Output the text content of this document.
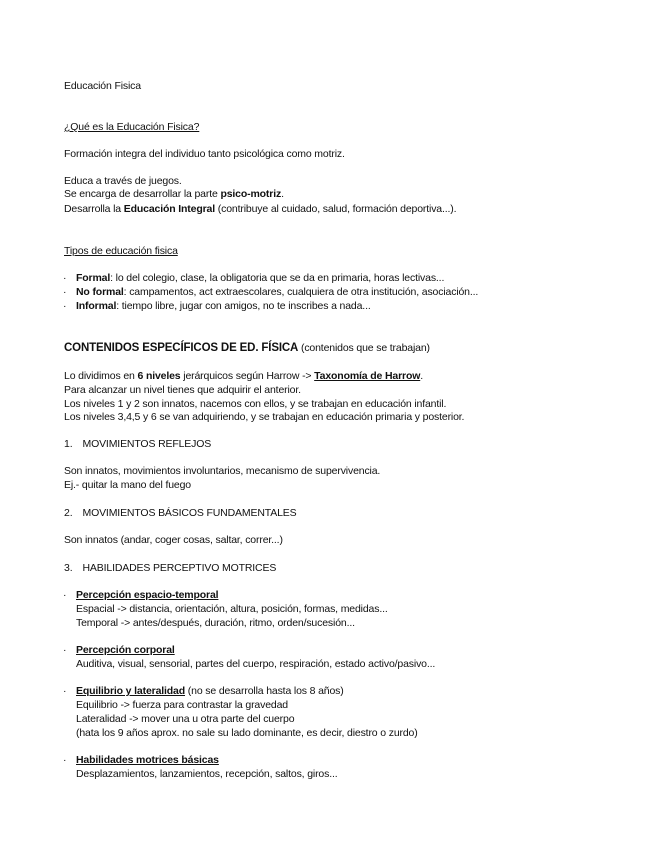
Educación Fisica
¿Qué es la Educación Fisica?
Formación integra del individuo tanto psicológica como motriz.
Educa a través de juegos.
Se encarga de desarrollar la parte psico-motriz.
Desarrolla la Educación Integral (contribuye al cuidado, salud, formación deportiva...).
Tipos de educación fisica
· Formal: lo del colegio, clase, la obligatoria que se da en primaria, horas lectivas...
· No formal: campamentos, act extraescolares, cualquiera de otra institución, asociación...
· Informal: tiempo libre, jugar con amigos, no te inscribes a nada...
CONTENIDOS ESPECÍFICOS DE ED. FÍSICA (contenidos que se trabajan)
Lo dividimos en 6 niveles jerárquicos según Harrow -> Taxonomía de Harrow.
Para alcanzar un nivel tienes que adquirir el anterior.
Los niveles 1 y 2 son innatos, nacemos con ellos, y se trabajan en educación infantil.
Los niveles 3,4,5 y 6 se van adquiriendo, y se trabajan en educación primaria y posterior.
1. MOVIMIENTOS REFLEJOS
Son innatos, movimientos involuntarios, mecanismo de supervivencia.
Ej.- quitar la mano del fuego
2. MOVIMIENTOS BÁSICOS FUNDAMENTALES
Son innatos (andar, coger cosas, saltar, correr...)
3. HABILIDADES PERCEPTIVO MOTRICES
· Percepción espacio-temporal
Espacial -> distancia, orientación, altura, posición, formas, medidas...
Temporal -> antes/después, duración, ritmo, orden/sucesión...
· Percepción corporal
Auditiva, visual, sensorial, partes del cuerpo, respiración, estado activo/pasivo...
· Equilibrio y lateralidad (no se desarrolla hasta los 8 años)
Equilibrio -> fuerza para contrastar la gravedad
Lateralidad -> mover una u otra parte del cuerpo
(hata los 9 años aprox. no sale su lado dominante, es decir, diestro o zurdo)
· Habilidades motrices básicas
Desplazamientos, lanzamientos, recepción, saltos, giros...
